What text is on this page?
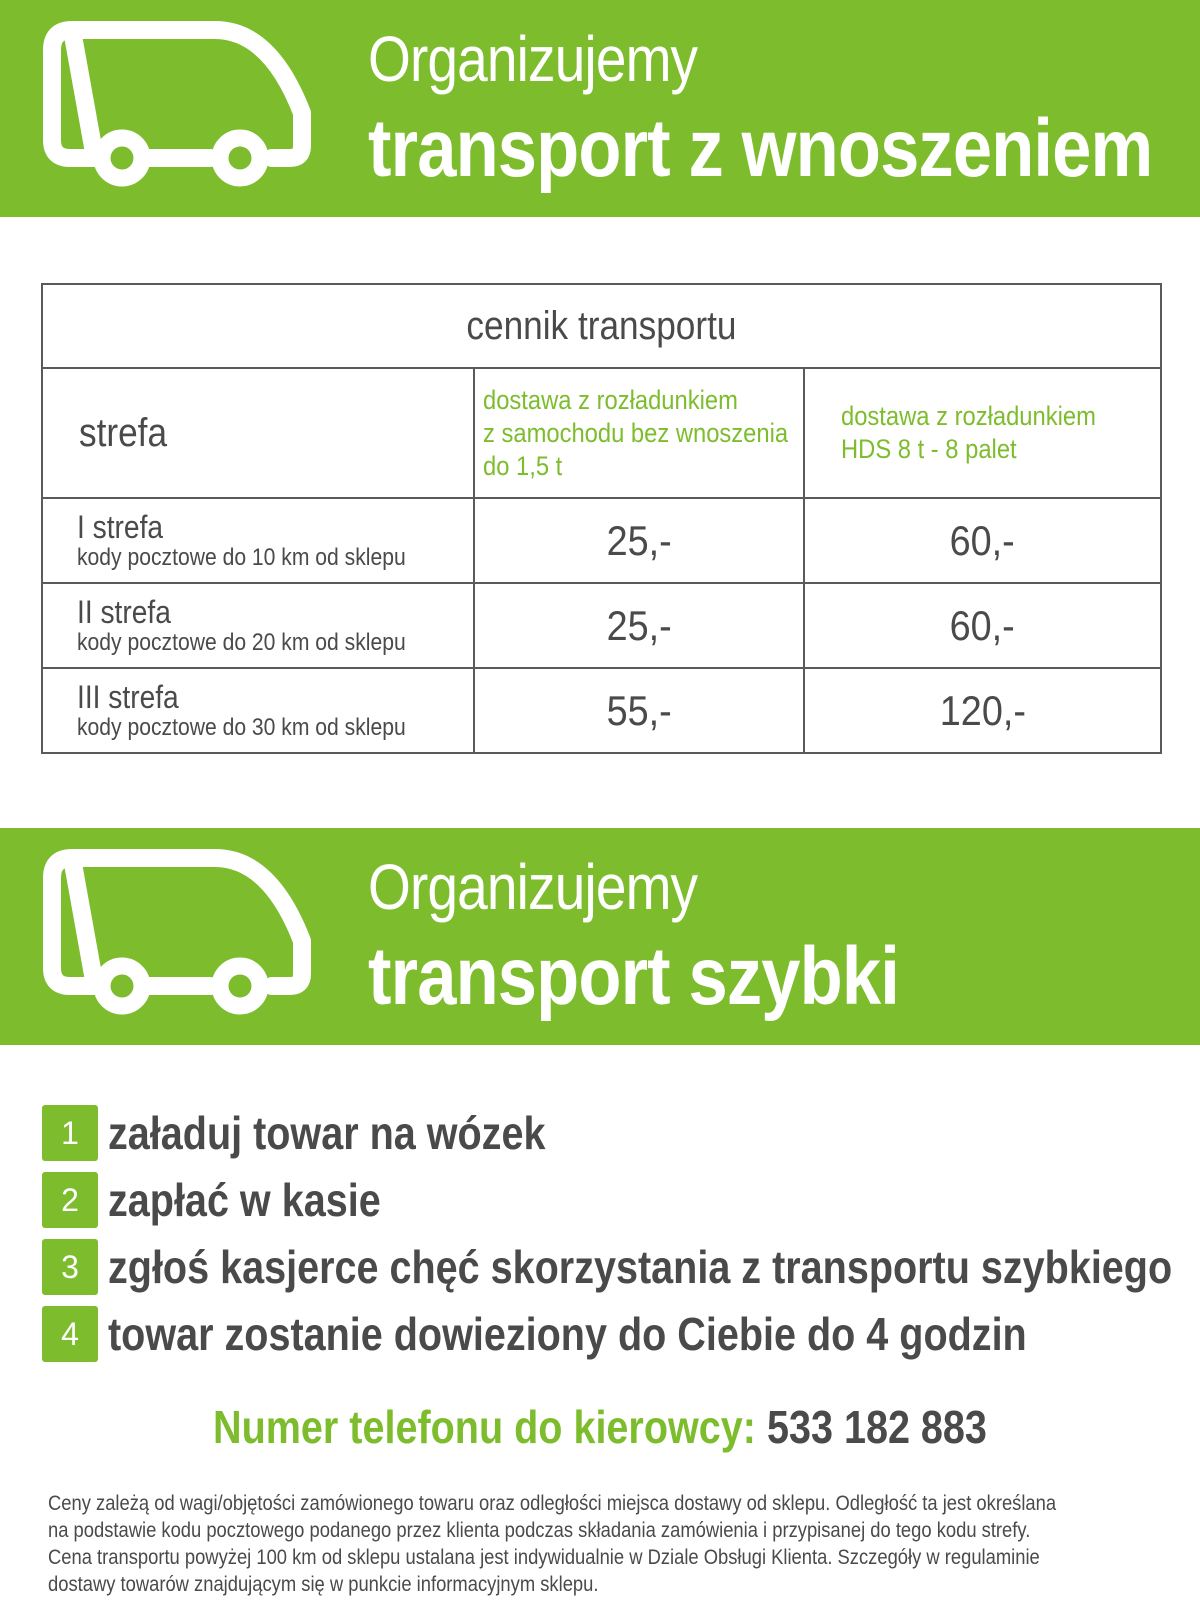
Organizujemy
transport z wnoszeniem
cennik transportu		
strefa	dostawa z rozładunkiem
z samochodu bez wnoszenia
do 1,5 t	dostawa z rozładunkiem
HDS 8 t - 8 palet

I strefa
kody pocztowe do 10 km od sklepu	25,-	60,-

II strefa
kody pocztowe do 20 km od sklepu	25,-	60,-

III strefa
kody pocztowe do 30 km od sklepu	55,-	120,-
Organizujemy
transport szybki
1 załaduj towar na wózek
2 zapłać w kasie
3 zgłoś kasjerce chęć skorzystania z transportu szybkiego
4 towar zostanie dowieziony do Ciebie do 4 godzin
Numer telefonu do kierowcy: 533 182 883
Ceny zależą od wagi/objętości zamówionego towaru oraz odległości miejsca dostawy od sklepu. Odległość ta jest określana
na podstawie kodu pocztowego podanego przez klienta podczas składania zamówienia i przypisanej do tego kodu strefy.
Cena transportu powyżej 100 km od sklepu ustalana jest indywidualnie w Dziale Obsługi Klienta. Szczegóły w regulaminie
dostawy towarów znajdującym się w punkcie informacyjnym sklepu.
